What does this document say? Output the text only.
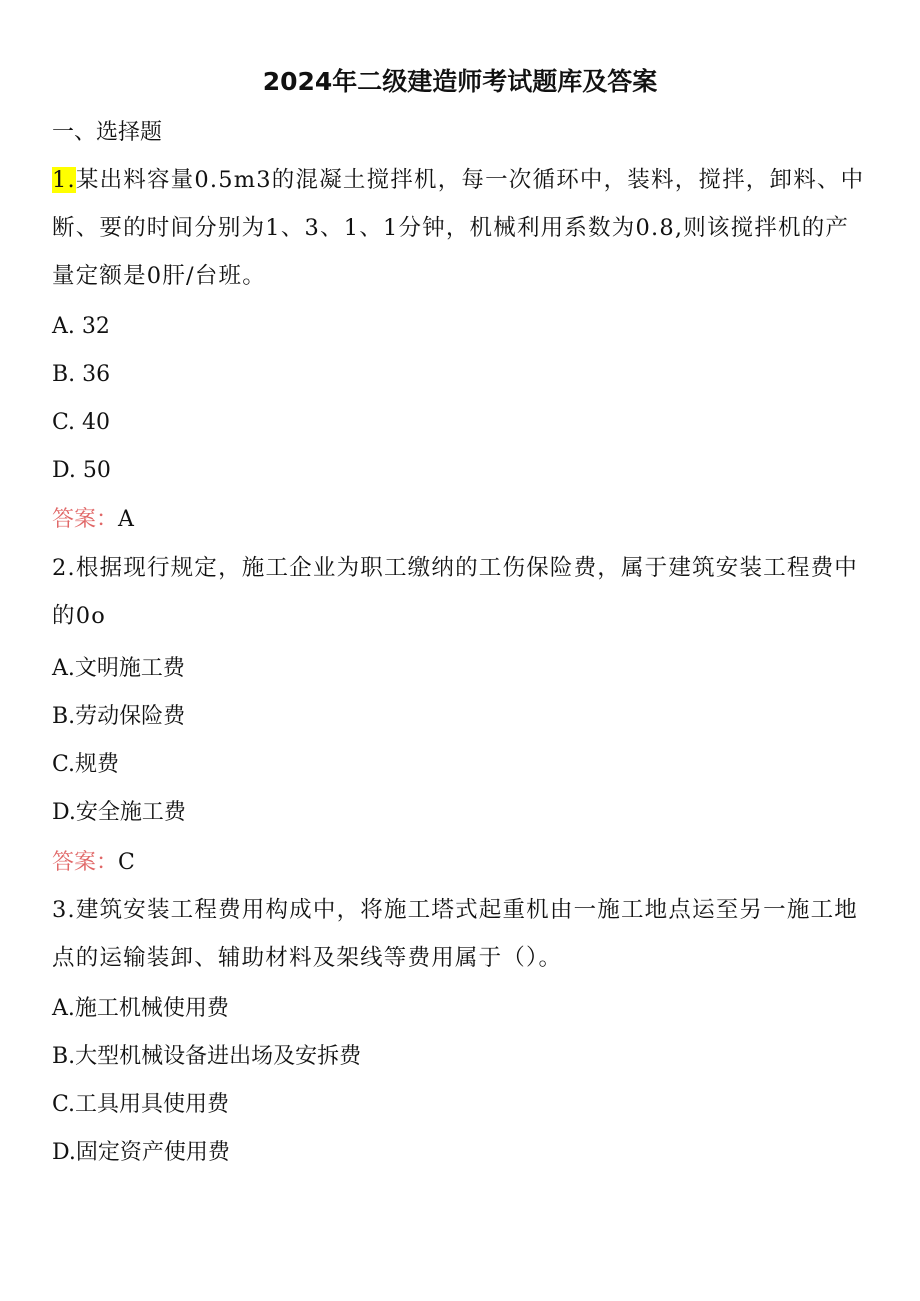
2024年二级建造师考试题库及答案
一、选择题
1.某出料容量0.5m3的混凝土搅拌机，每一次循环中，装料，搅拌，卸料、中断、要的时间分别为1、3、1、1分钟，机械利用系数为0.8,则该搅拌机的产量定额是0肝/台班。
A. 32
B. 36
C. 40
D. 50
答案：A
2.根据现行规定，施工企业为职工缴纳的工伤保险费，属于建筑安装工程费中的0o
A.文明施工费
B.劳动保险费
C.规费
D.安全施工费
答案：C
3.建筑安装工程费用构成中，将施工塔式起重机由一施工地点运至另一施工地点的运输装卸、辅助材料及架线等费用属于（）。
A.施工机械使用费
B.大型机械设备进出场及安拆费
C.工具用具使用费
D.固定资产使用费
